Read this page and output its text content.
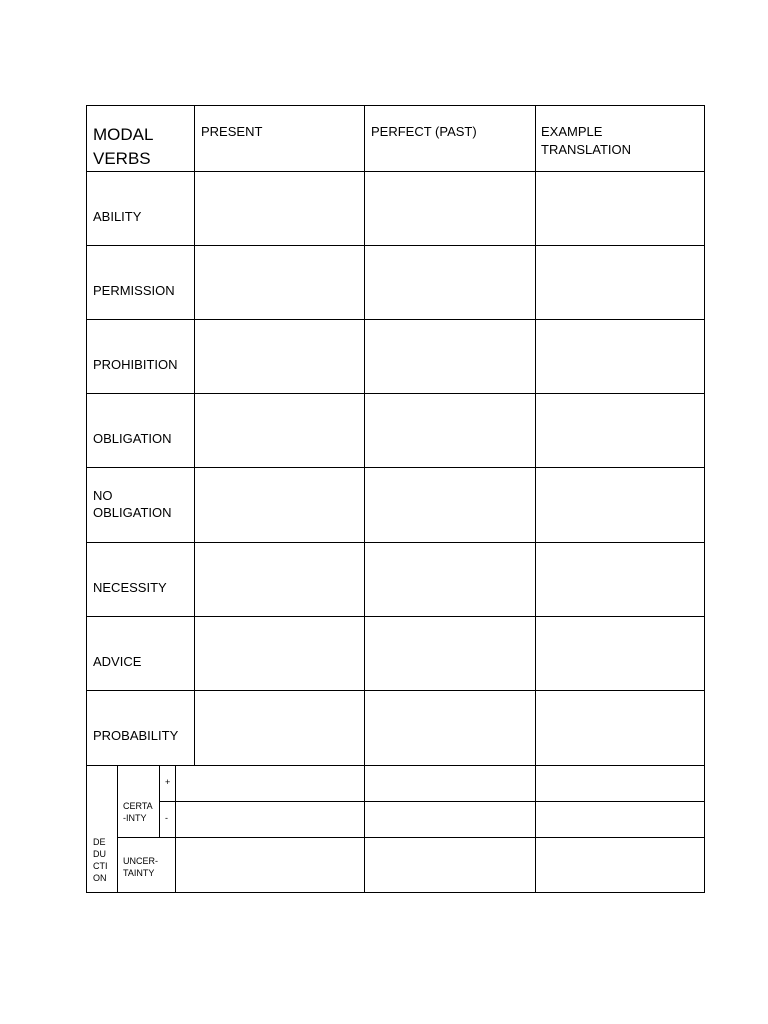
MODAL
VERBS
PRESENT	PERFECT (PAST)	EXAMPLE
TRANSLATION
ABILITY
PERMISSION
PROHIBITION
OBLIGATION
NO
OBLIGATION
NECESSITY
ADVICE
PROBABILITY
DE
DU
CTI
ON
CERTA
-INTY
+
-
UNCER-
TAINTY
